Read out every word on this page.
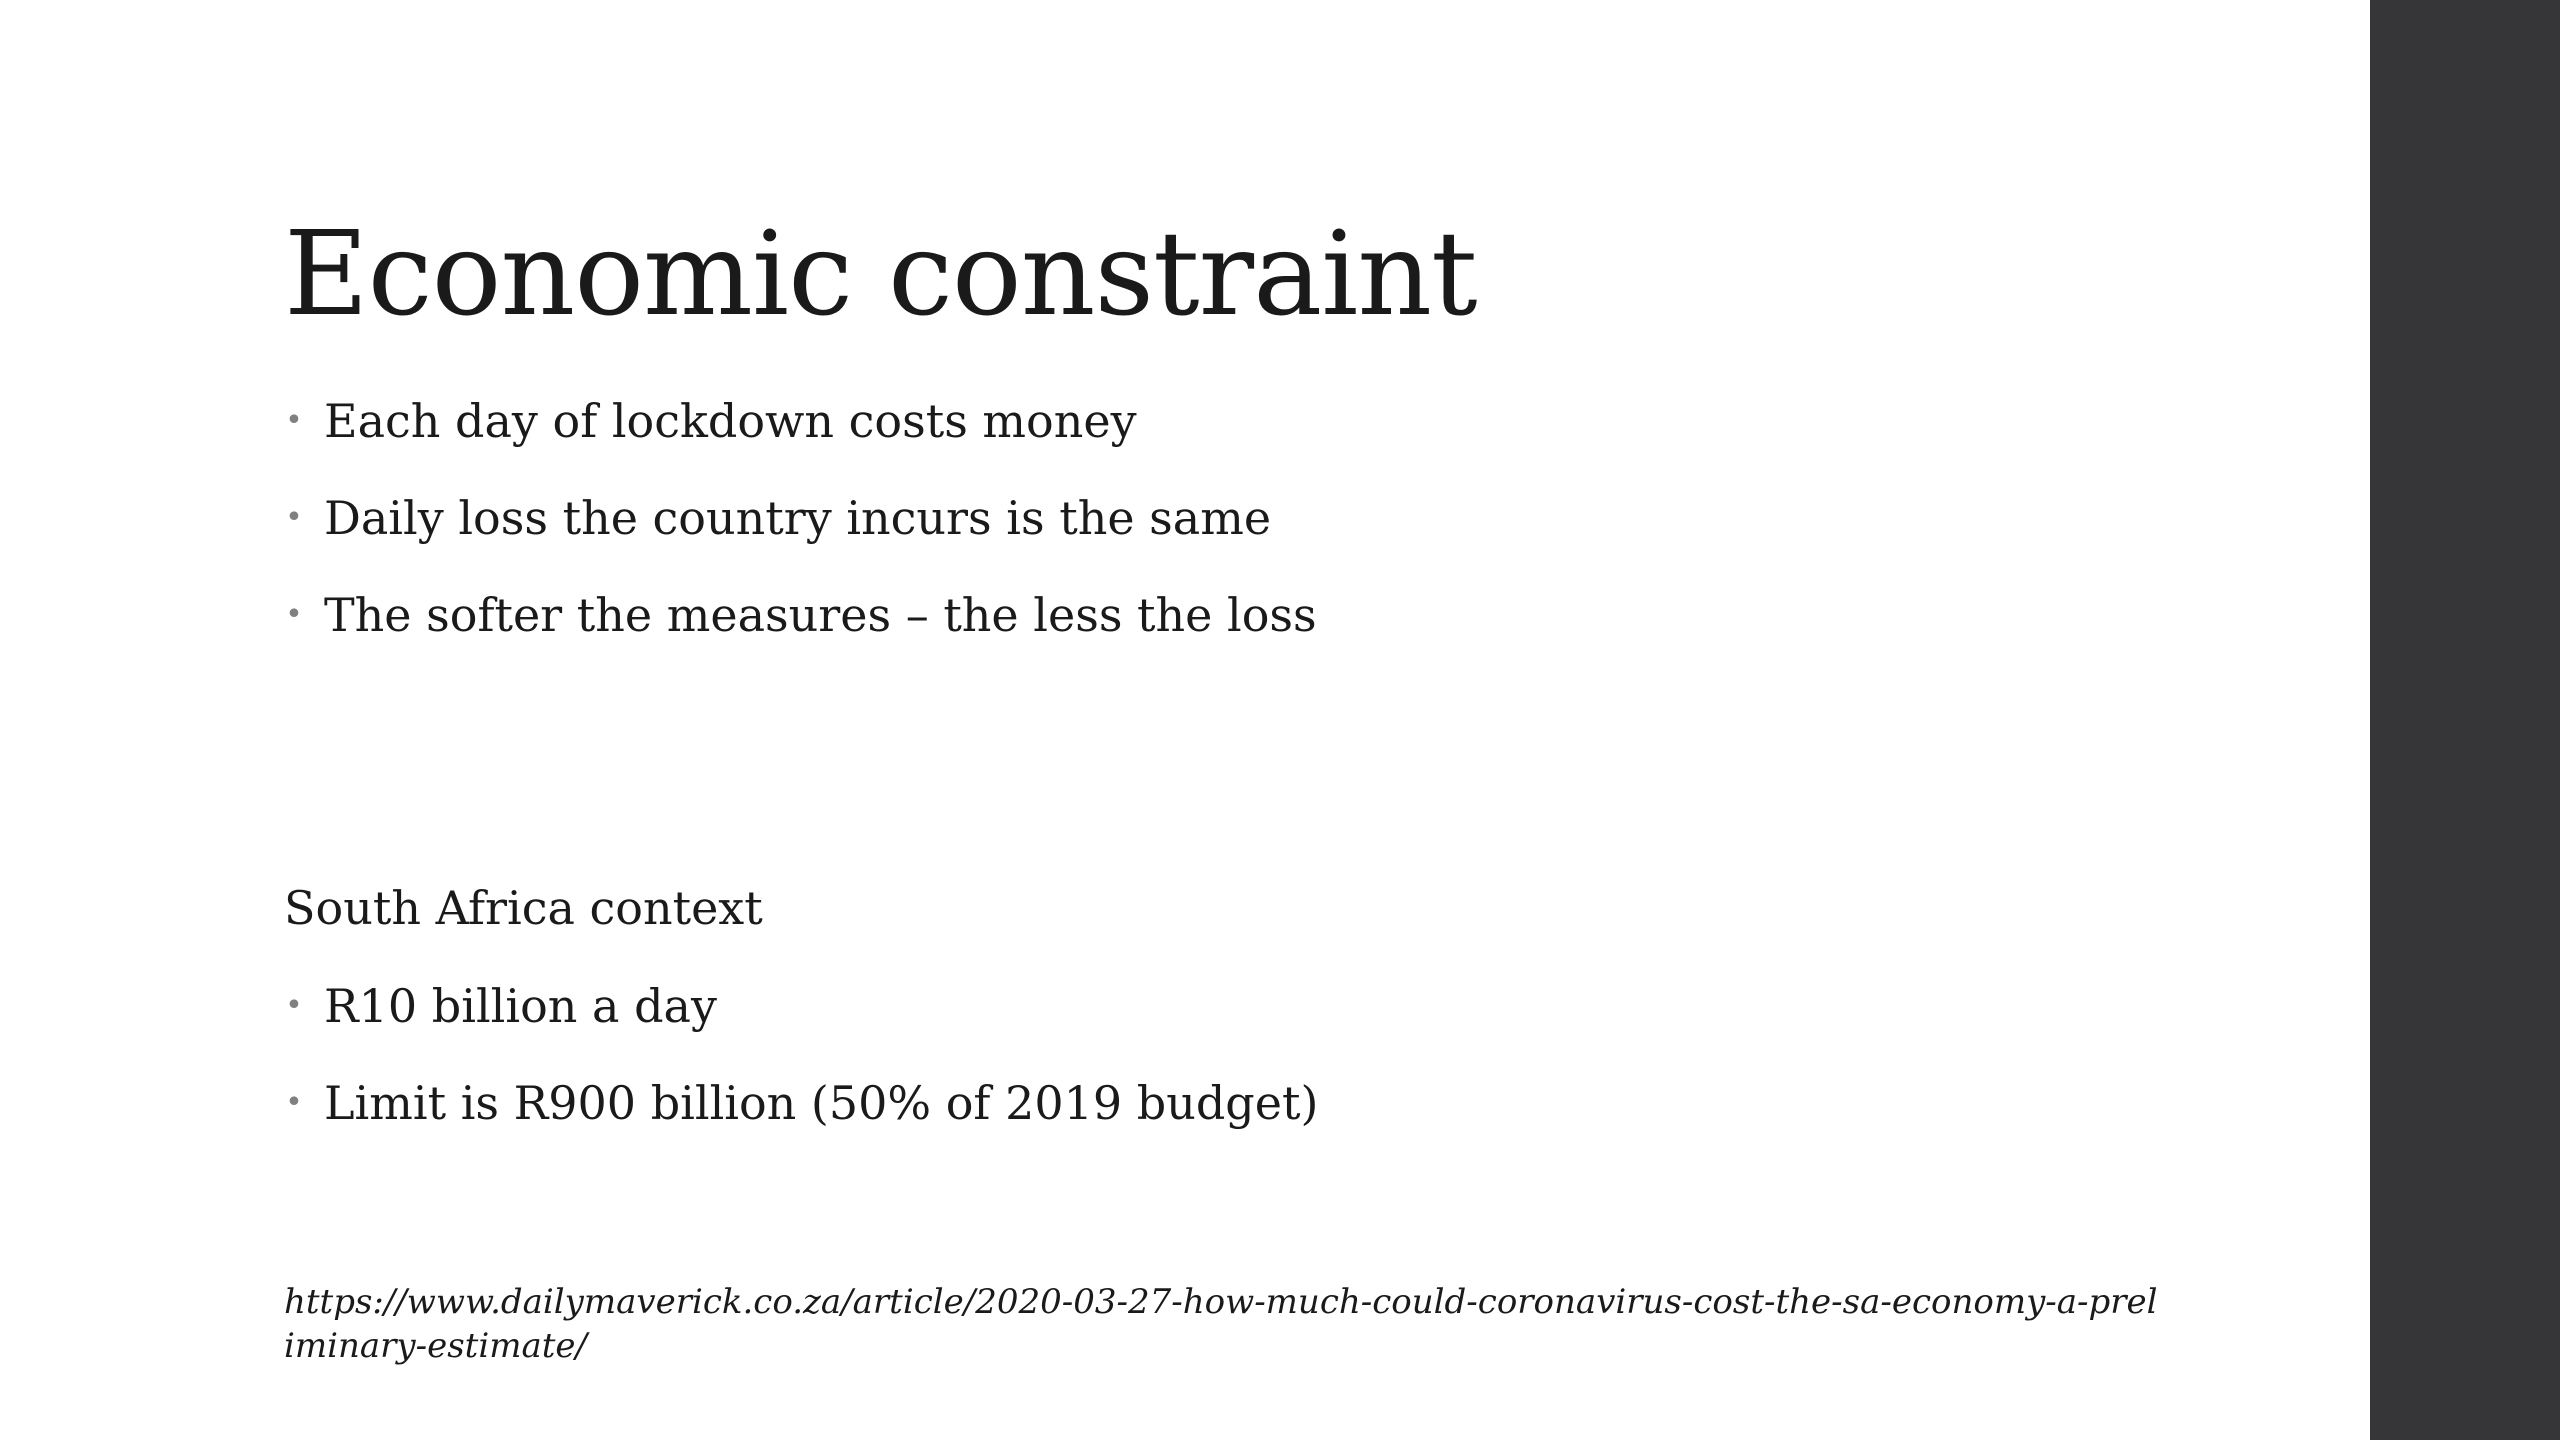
Economic constraint
• Each day of lockdown costs money
• Daily loss the country incurs is the same
• The softer the measures – the less the loss

South Africa context

• R10 billion a day
• Limit is R900 billion (50% of 2019 budget)
https://www.dailymaverick.co.za/article/2020-03-27-how-much-could-coronavirus-cost-the-sa-economy-a-preliminary-estimate/
